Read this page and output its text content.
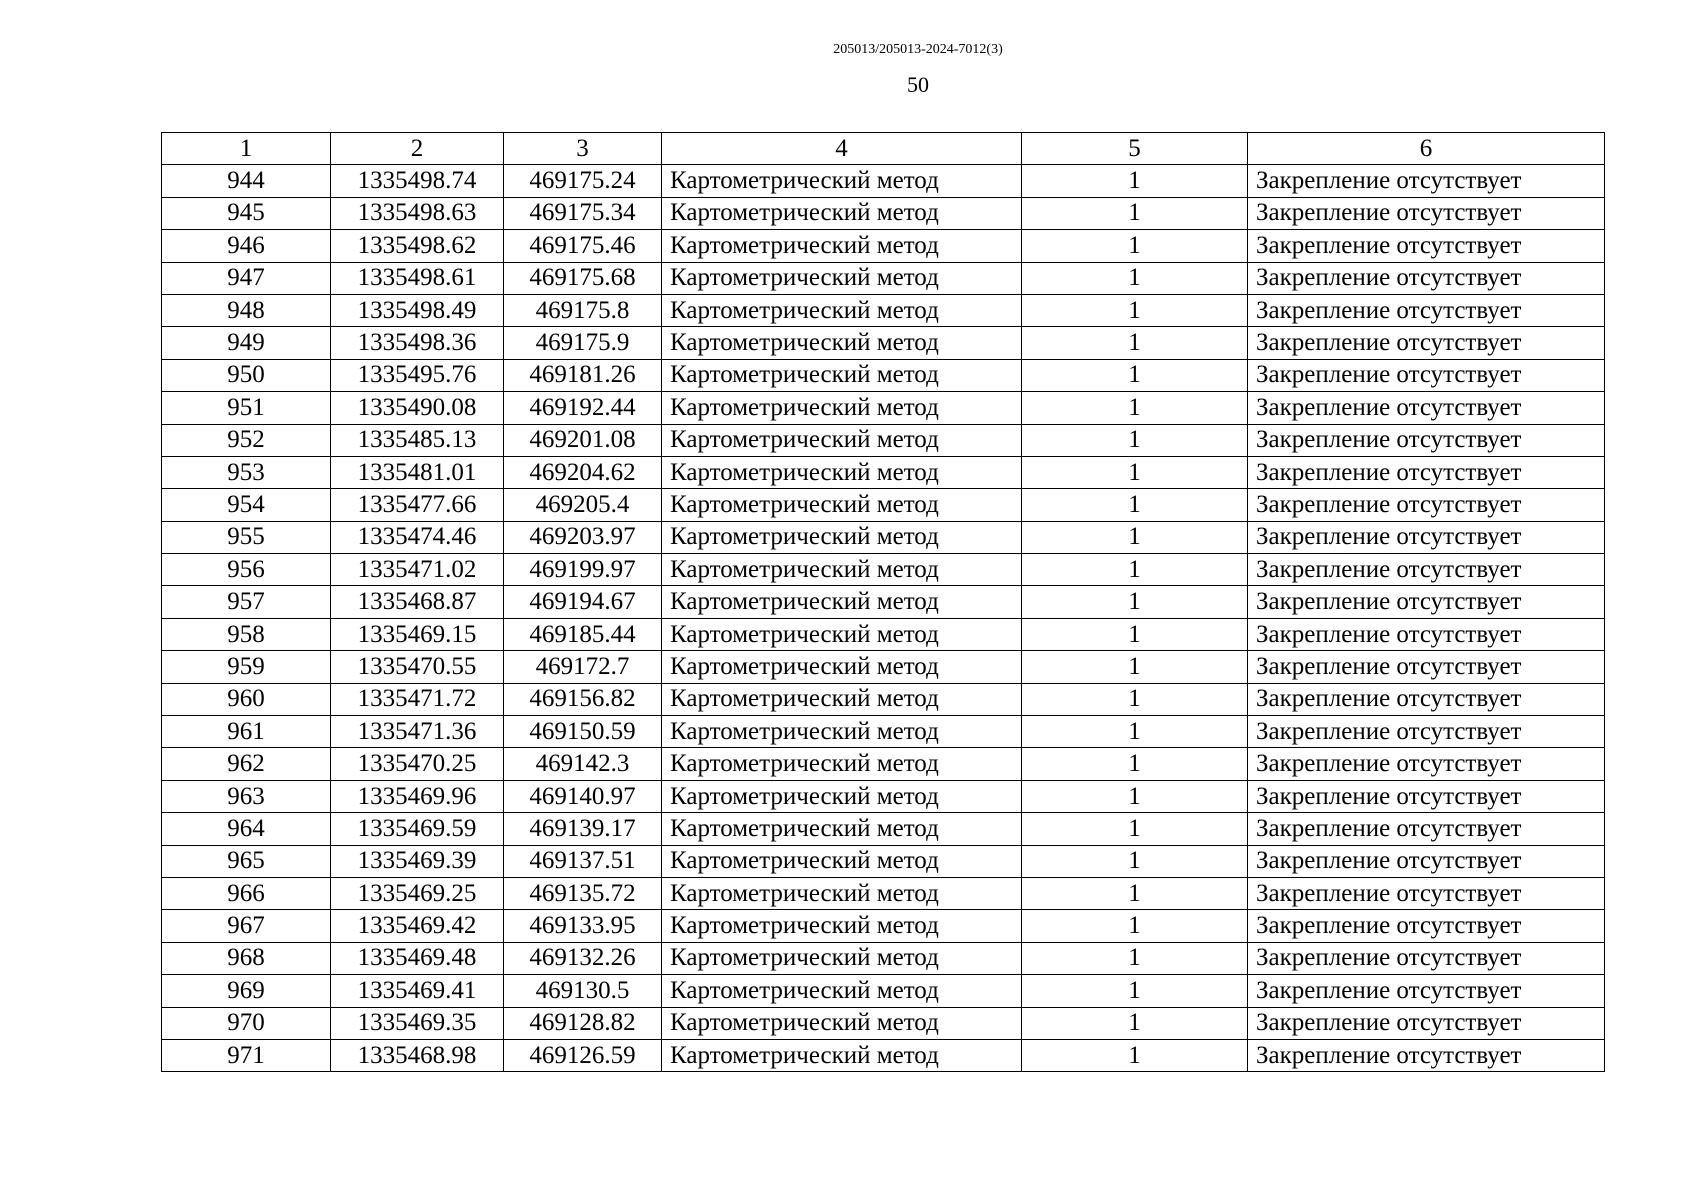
205013/205013-2024-7012(3)
50
1	2	3	4	5	6
944	1335498.74	469175.24	Картометрический метод	1	Закрепление отсутствует
945	1335498.63	469175.34	Картометрический метод	1	Закрепление отсутствует
946	1335498.62	469175.46	Картометрический метод	1	Закрепление отсутствует
947	1335498.61	469175.68	Картометрический метод	1	Закрепление отсутствует
948	1335498.49	469175.8	Картометрический метод	1	Закрепление отсутствует
949	1335498.36	469175.9	Картометрический метод	1	Закрепление отсутствует
950	1335495.76	469181.26	Картометрический метод	1	Закрепление отсутствует
951	1335490.08	469192.44	Картометрический метод	1	Закрепление отсутствует
952	1335485.13	469201.08	Картометрический метод	1	Закрепление отсутствует
953	1335481.01	469204.62	Картометрический метод	1	Закрепление отсутствует
954	1335477.66	469205.4	Картометрический метод	1	Закрепление отсутствует
955	1335474.46	469203.97	Картометрический метод	1	Закрепление отсутствует
956	1335471.02	469199.97	Картометрический метод	1	Закрепление отсутствует
957	1335468.87	469194.67	Картометрический метод	1	Закрепление отсутствует
958	1335469.15	469185.44	Картометрический метод	1	Закрепление отсутствует
959	1335470.55	469172.7	Картометрический метод	1	Закрепление отсутствует
960	1335471.72	469156.82	Картометрический метод	1	Закрепление отсутствует
961	1335471.36	469150.59	Картометрический метод	1	Закрепление отсутствует
962	1335470.25	469142.3	Картометрический метод	1	Закрепление отсутствует
963	1335469.96	469140.97	Картометрический метод	1	Закрепление отсутствует
964	1335469.59	469139.17	Картометрический метод	1	Закрепление отсутствует
965	1335469.39	469137.51	Картометрический метод	1	Закрепление отсутствует
966	1335469.25	469135.72	Картометрический метод	1	Закрепление отсутствует
967	1335469.42	469133.95	Картометрический метод	1	Закрепление отсутствует
968	1335469.48	469132.26	Картометрический метод	1	Закрепление отсутствует
969	1335469.41	469130.5	Картометрический метод	1	Закрепление отсутствует
970	1335469.35	469128.82	Картометрический метод	1	Закрепление отсутствует
971	1335468.98	469126.59	Картометрический метод	1	Закрепление отсутствует
